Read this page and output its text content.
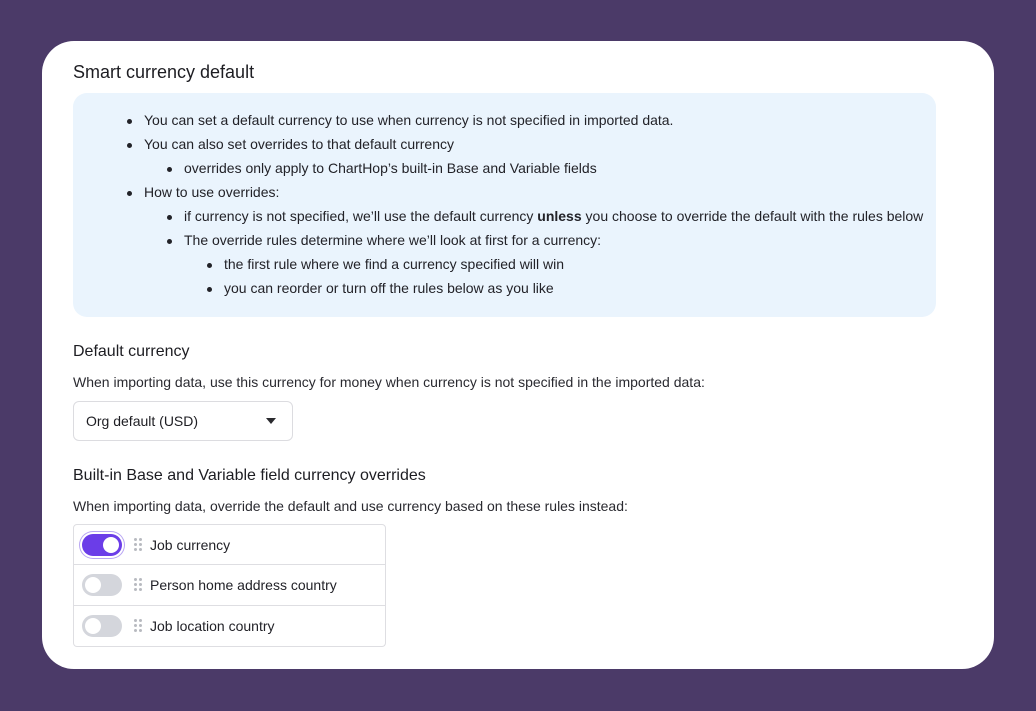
Smart currency default
You can set a default currency to use when currency is not specified in imported data.
You can also set overrides to that default currency
overrides only apply to ChartHop’s built-in Base and Variable fields
How to use overrides:
if currency is not specified, we’ll use the default currency unless you choose to override the default with the rules below
The override rules determine where we’ll look at first for a currency:
the first rule where we find a currency specified will win
you can reorder or turn off the rules below as you like
Default currency

When importing data, use this currency for money when currency is not specified in the imported data:

Org default (USD)
Built-in Base and Variable field currency overrides

When importing data, override the default and use currency based on these rules instead:

Job currency
Person home address country
Job location country
